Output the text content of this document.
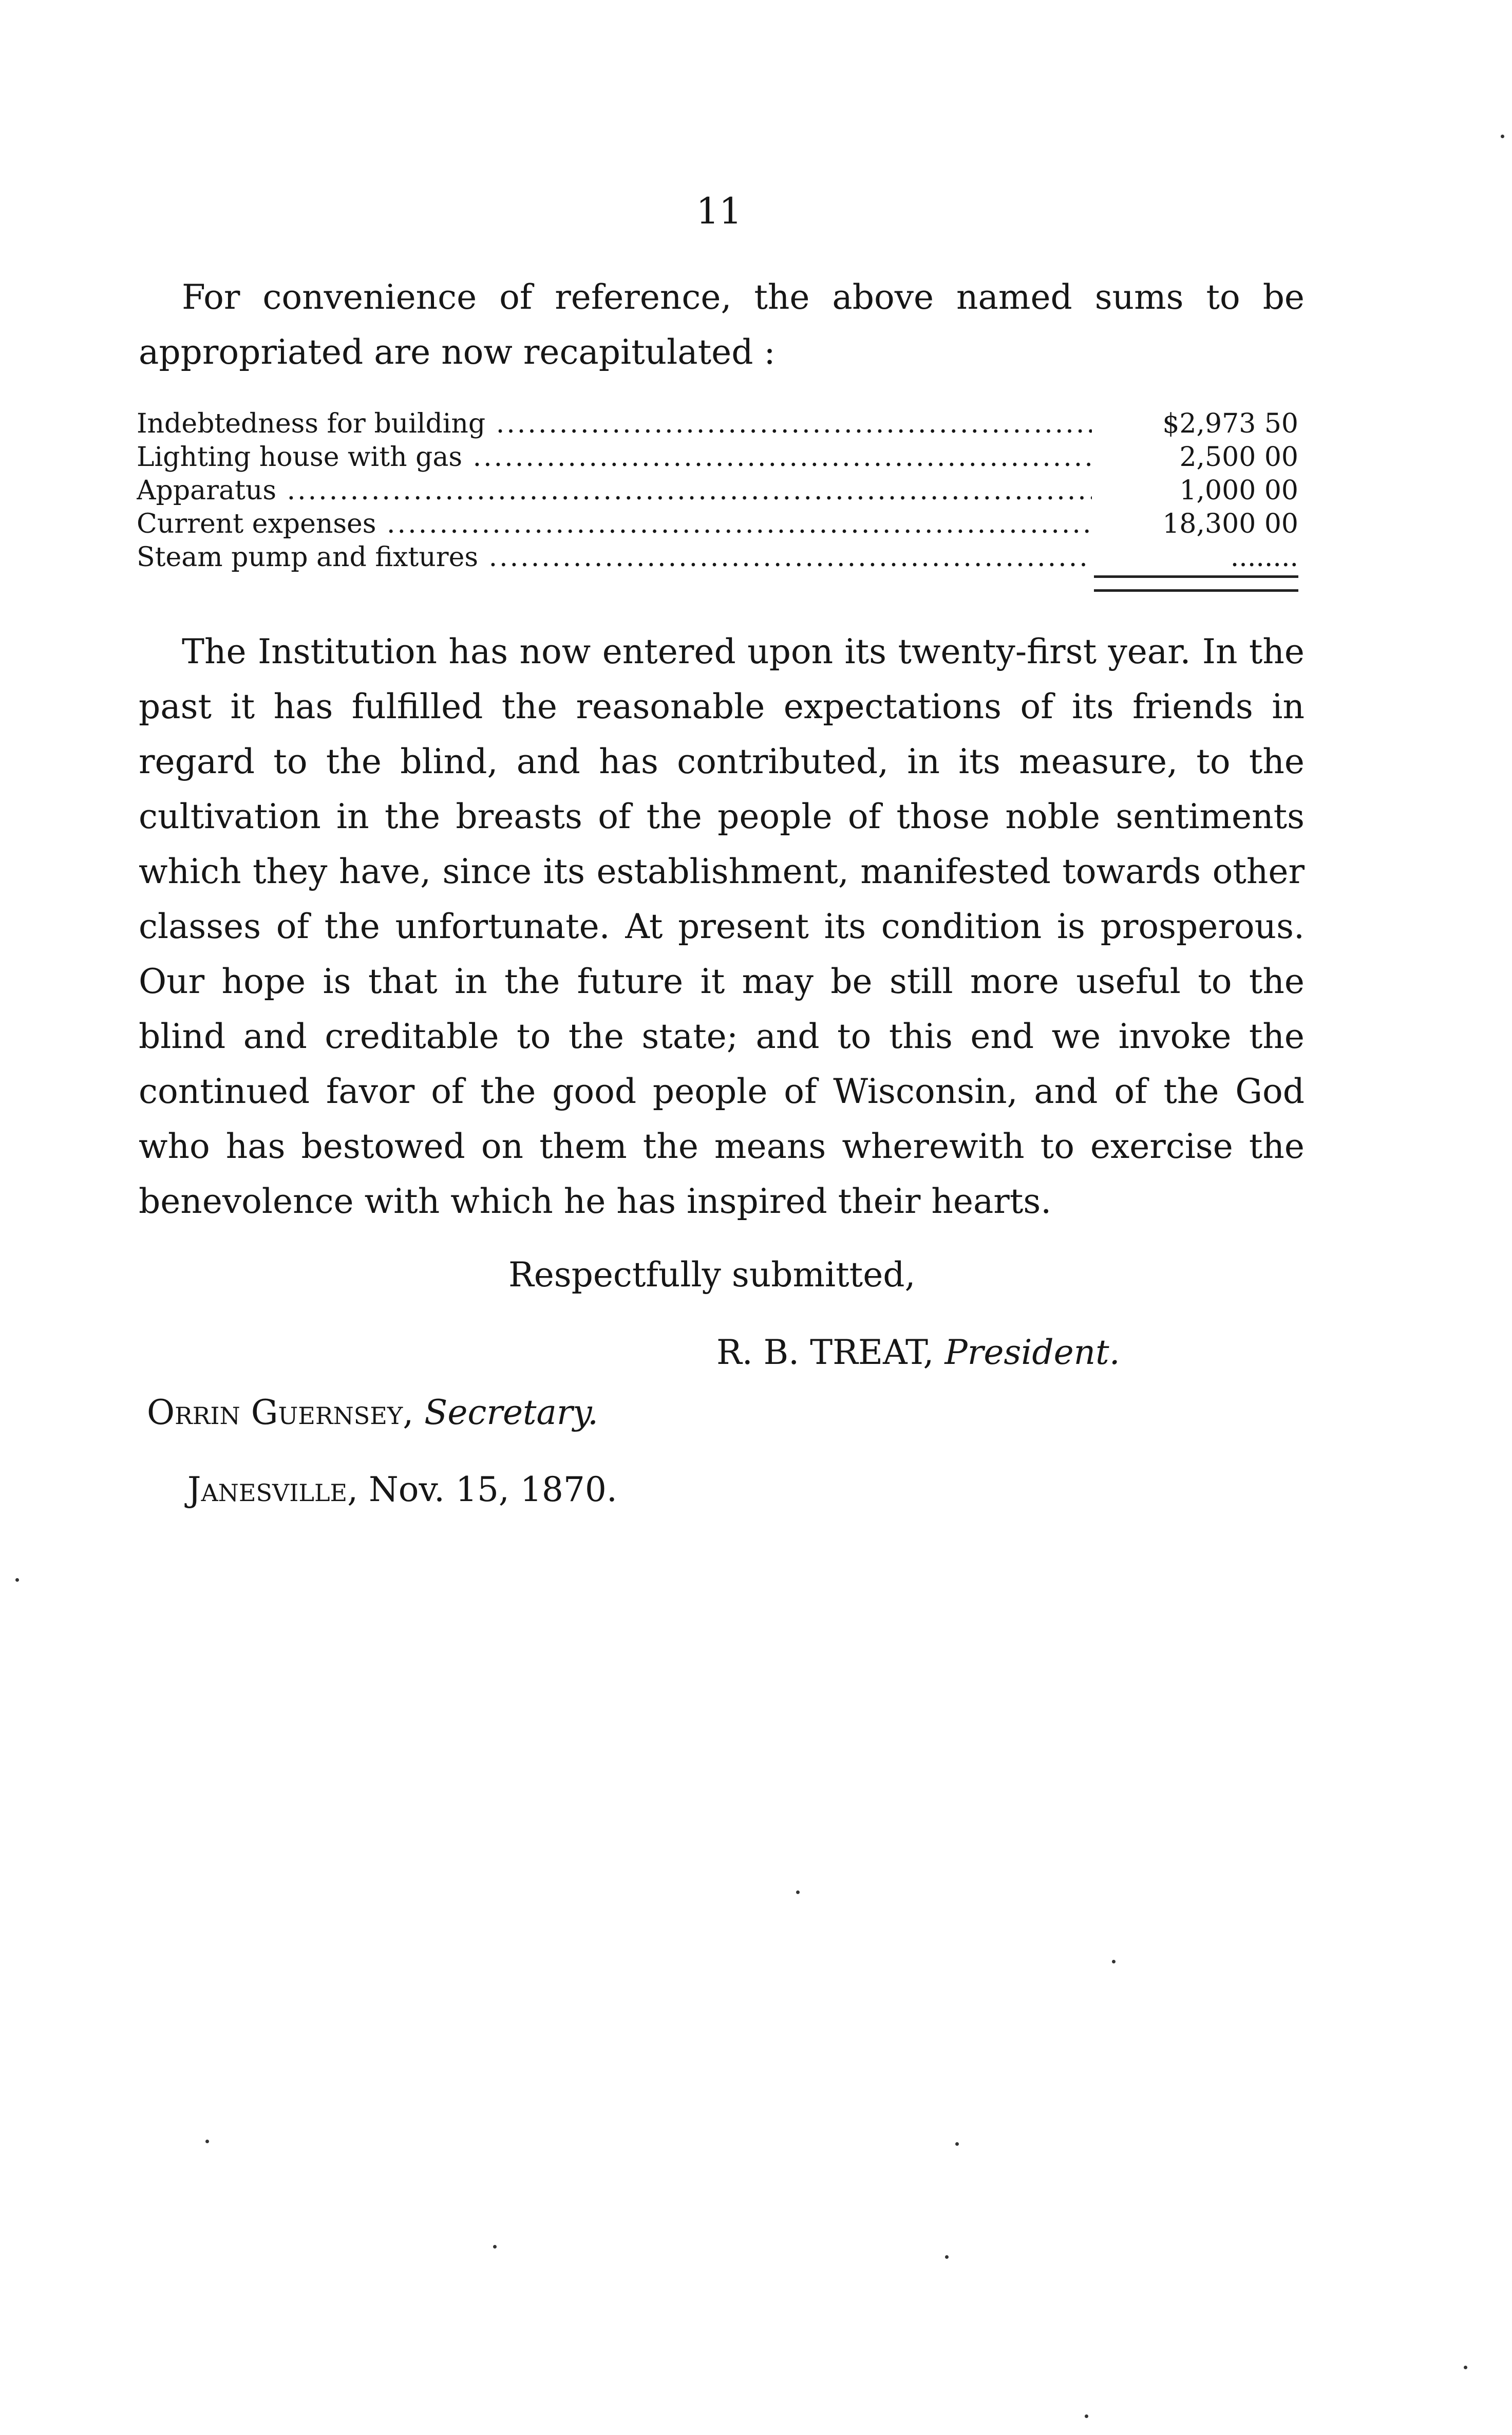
11

For convenience of reference, the above named sums to be appropriated are now recapitulated :

Indebtedness for building .....	$2,973 50
Lighting house with gas .....	2,500 00
Apparatus .....	1,000 00
Current expenses .....	18,300 00
Steam pump and fixtures .....	........

The Institution has now entered upon its twenty-first year. In the past it has fulfilled the reasonable expectations of its friends in regard to the blind, and has contributed, in its measure, to the cultivation in the breasts of the people of those noble sentiments which they have, since its establishment, manifested towards other classes of the unfortunate. At present its condition is prosperous. Our hope is that in the future it may be still more useful to the blind and creditable to the state; and to this end we invoke the continued favor of the good people of Wisconsin, and of the God who has bestowed on them the means wherewith to exercise the benevolence with which he has inspired their hearts.

Respectfully submitted,
R. B. TREAT, President.
Orrin Guernsey, Secretary.
Janesville, Nov. 15, 1870.
